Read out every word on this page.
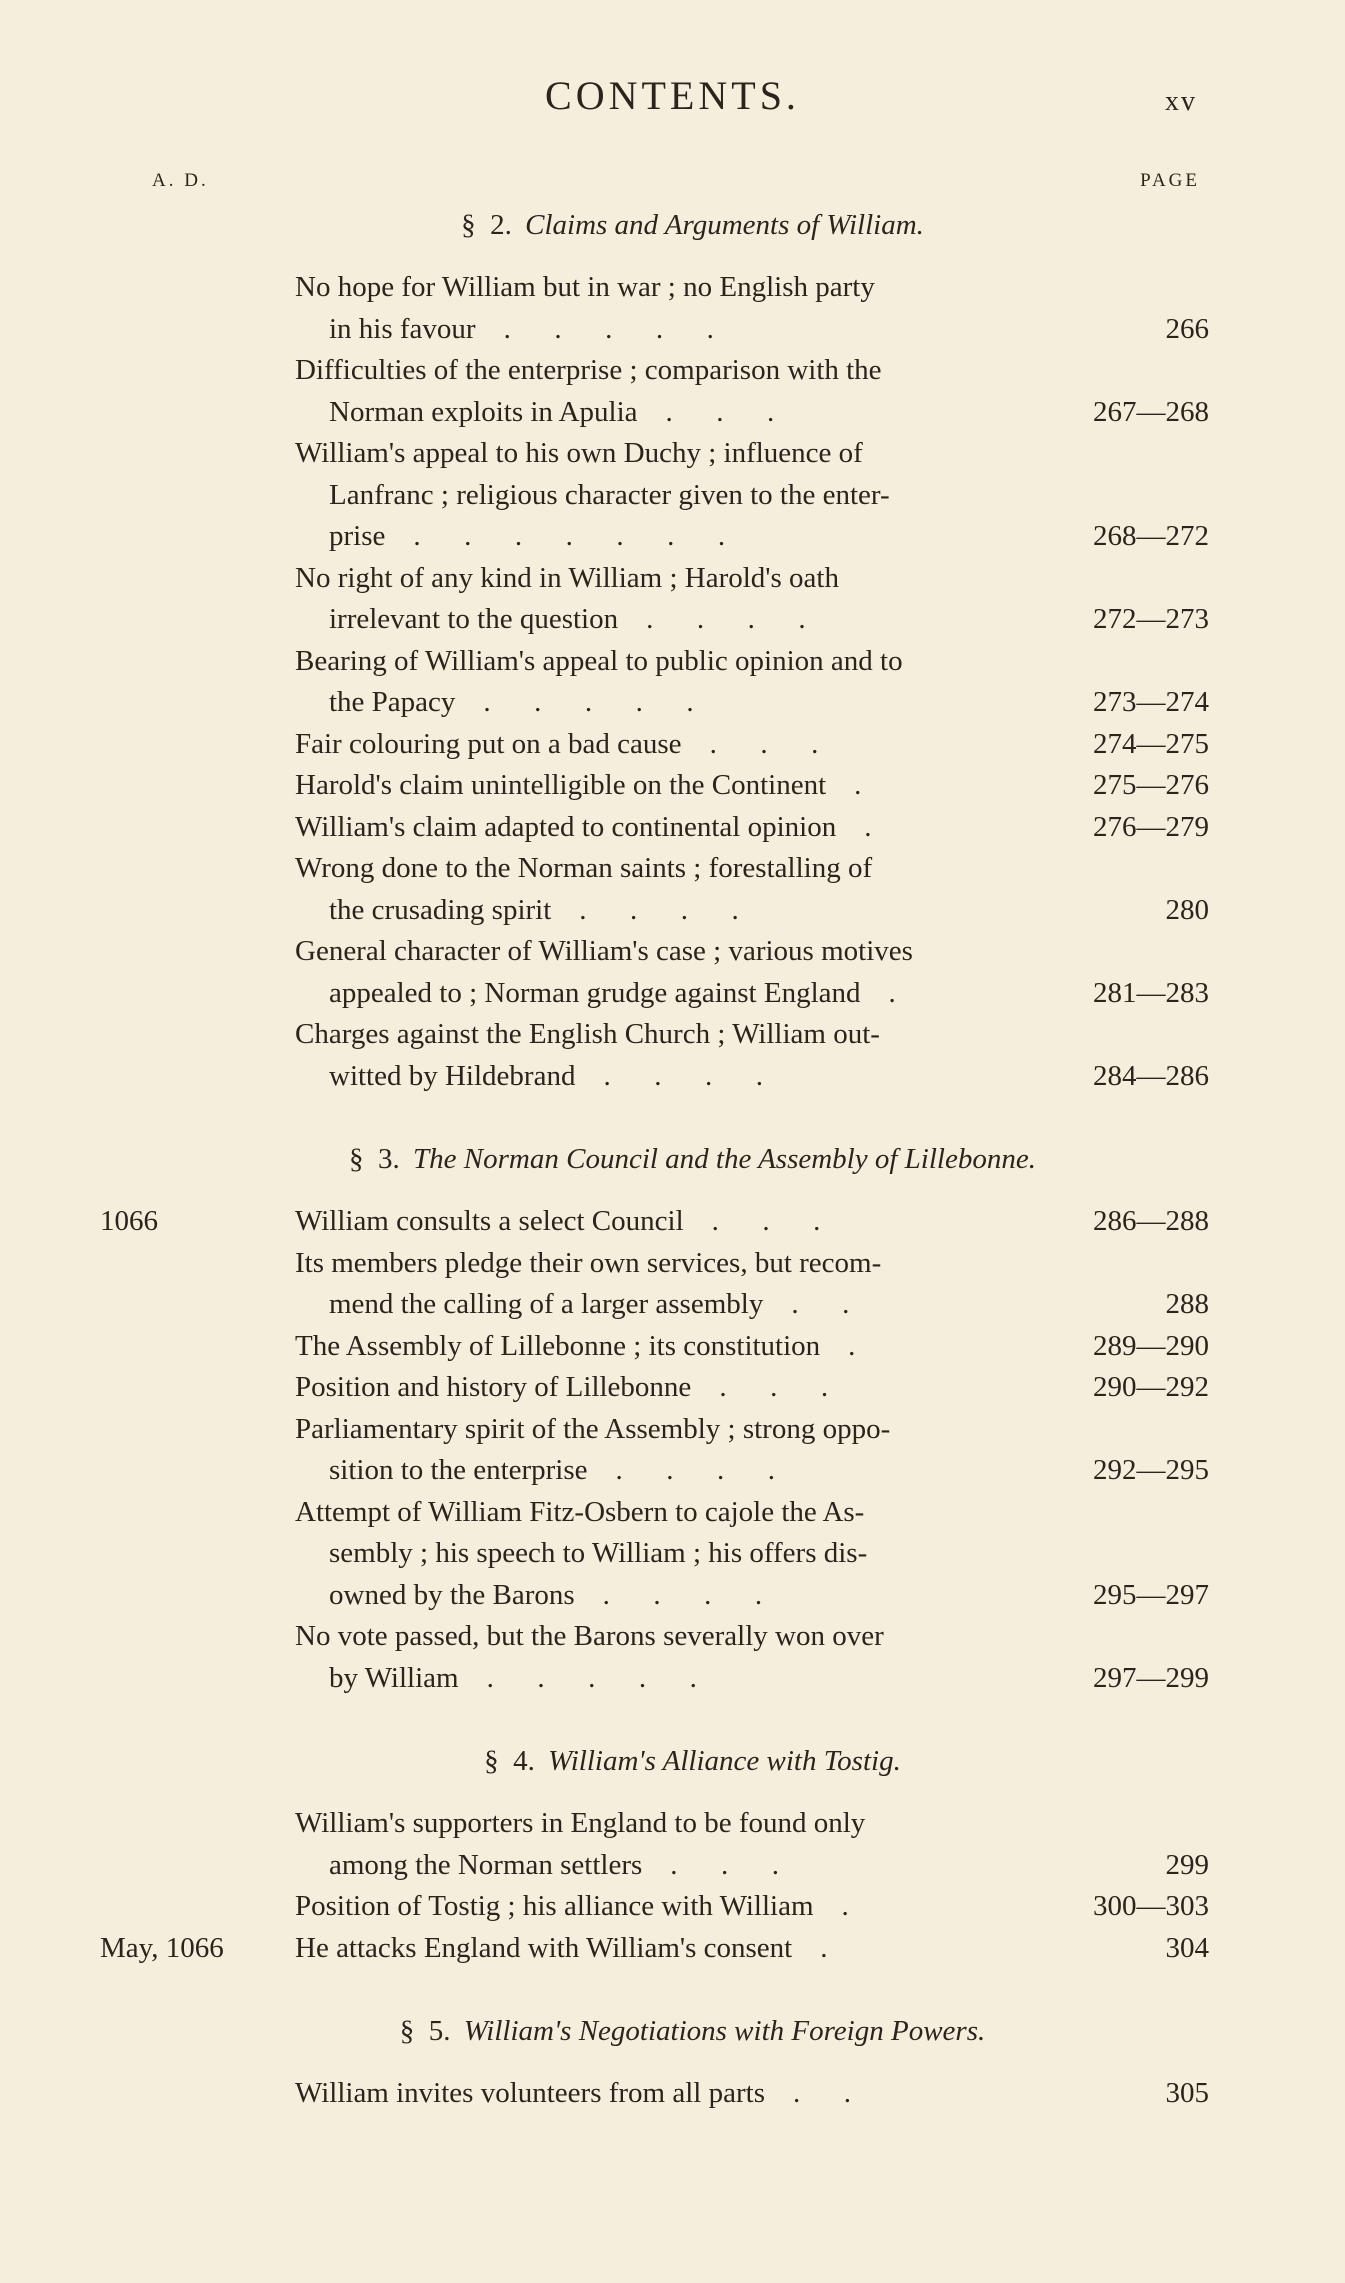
CONTENTS.	xv
A. D.	PAGE
§  2. Claims and Arguments of William.
No hope for William but in war ; no English party
in his favour .      .      .      .      .	266
Difficulties of the enterprise ; comparison with the
Norman exploits in Apulia .      .      .	267—268
William's appeal to his own Duchy ; influence of
Lanfranc ; religious character given to the enter-
prise .      .      .      .      .      .      .	268—272
No right of any kind in William ; Harold's oath
irrelevant to the question .      .      .      .	272—273
Bearing of William's appeal to public opinion and to
the Papacy .      .      .      .      .	273—274
Fair colouring put on a bad cause .      .      .	274—275
Harold's claim unintelligible on the Continent .	275—276
William's claim adapted to continental opinion .	276—279
Wrong done to the Norman saints ; forestalling of
the crusading spirit .      .      .      .	280
General character of William's case ; various motives
appealed to ; Norman grudge against England .	281—283
Charges against the English Church ; William out-
witted by Hildebrand .      .      .      .	284—286
§  3. The Norman Council and the Assembly of Lillebonne.
1066	William consults a select Council .      .      .	286—288
Its members pledge their own services, but recom-
mend the calling of a larger assembly .      .	288
The Assembly of Lillebonne ; its constitution .	289—290
Position and history of Lillebonne .      .      .	290—292
Parliamentary spirit of the Assembly ; strong oppo-
sition to the enterprise .      .      .      .	292—295
Attempt of William Fitz-Osbern to cajole the As-
sembly ; his speech to William ; his offers dis-
owned by the Barons .      .      .      .	295—297
No vote passed, but the Barons severally won over
by William .      .      .      .      .	297—299
§  4. William's Alliance with Tostig.
William's supporters in England to be found only
among the Norman settlers .      .      .	299
Position of Tostig ; his alliance with William .	300—303
May, 1066	He attacks England with William's consent .	304
§  5. William's Negotiations with Foreign Powers.
William invites volunteers from all parts .      .	305
